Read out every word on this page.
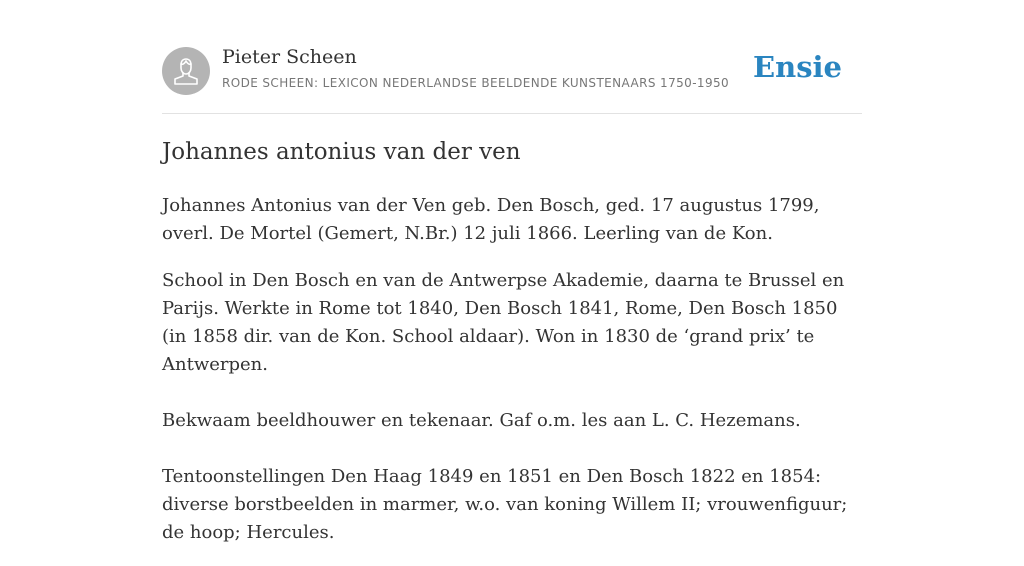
Pieter Scheen
RODE SCHEEN: LEXICON NEDERLANDSE BEELDENDE KUNSTENAARS 1750-1950 Ensie
Johannes antonius van der ven

Johannes Antonius van der Ven geb. Den Bosch, ged. 17 augustus 1799, overl. De Mortel (Gemert, N.Br.) 12 juli 1866. Leerling van de Kon.

School in Den Bosch en van de Antwerpse Akademie, daarna te Brussel en Parijs. Werkte in Rome tot 1840, Den Bosch 1841, Rome, Den Bosch 1850 (in 1858 dir. van de Kon. School aldaar). Won in 1830 de ‘grand prix’ te Antwerpen.

Bekwaam beeldhouwer en tekenaar. Gaf o.m. les aan L. C. Hezemans.

Tentoonstellingen Den Haag 1849 en 1851 en Den Bosch 1822 en 1854: diverse borstbeelden in marmer, w.o. van koning Willem II; vrouwenfiguur; de hoop; Hercules.
